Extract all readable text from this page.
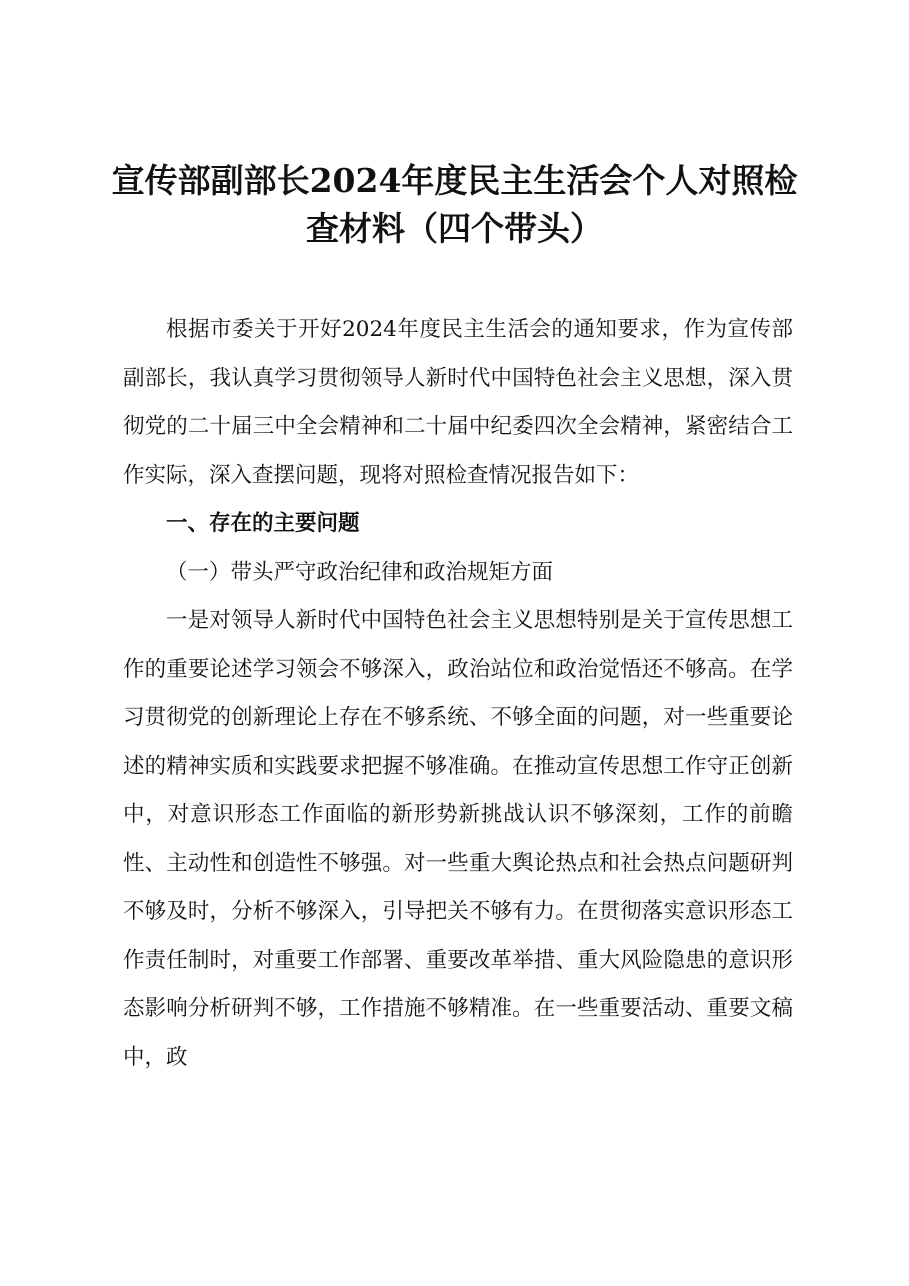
宣传部副部长2024年度民主生活会个人对照检查材料（四个带头）

根据市委关于开好2024年度民主生活会的通知要求，作为宣传部副部长，我认真学习贯彻领导人新时代中国特色社会主义思想，深入贯彻党的二十届三中全会精神和二十届中纪委四次全会精神，紧密结合工作实际，深入查摆问题，现将对照检查情况报告如下：

一、存在的主要问题

（一）带头严守政治纪律和政治规矩方面

一是对领导人新时代中国特色社会主义思想特别是关于宣传思想工作的重要论述学习领会不够深入，政治站位和政治觉悟还不够高。在学习贯彻党的创新理论上存在不够系统、不够全面的问题，对一些重要论述的精神实质和实践要求把握不够准确。在推动宣传思想工作守正创新中，对意识形态工作面临的新形势新挑战认识不够深刻，工作的前瞻性、主动性和创造性不够强。对一些重大舆论热点和社会热点问题研判不够及时，分析不够深入，引导把关不够有力。在贯彻落实意识形态工作责任制时，对重要工作部署、重要改革举措、重大风险隐患的意识形态影响分析研判不够，工作措施不够精准。在一些重要活动、重要文稿中，政
